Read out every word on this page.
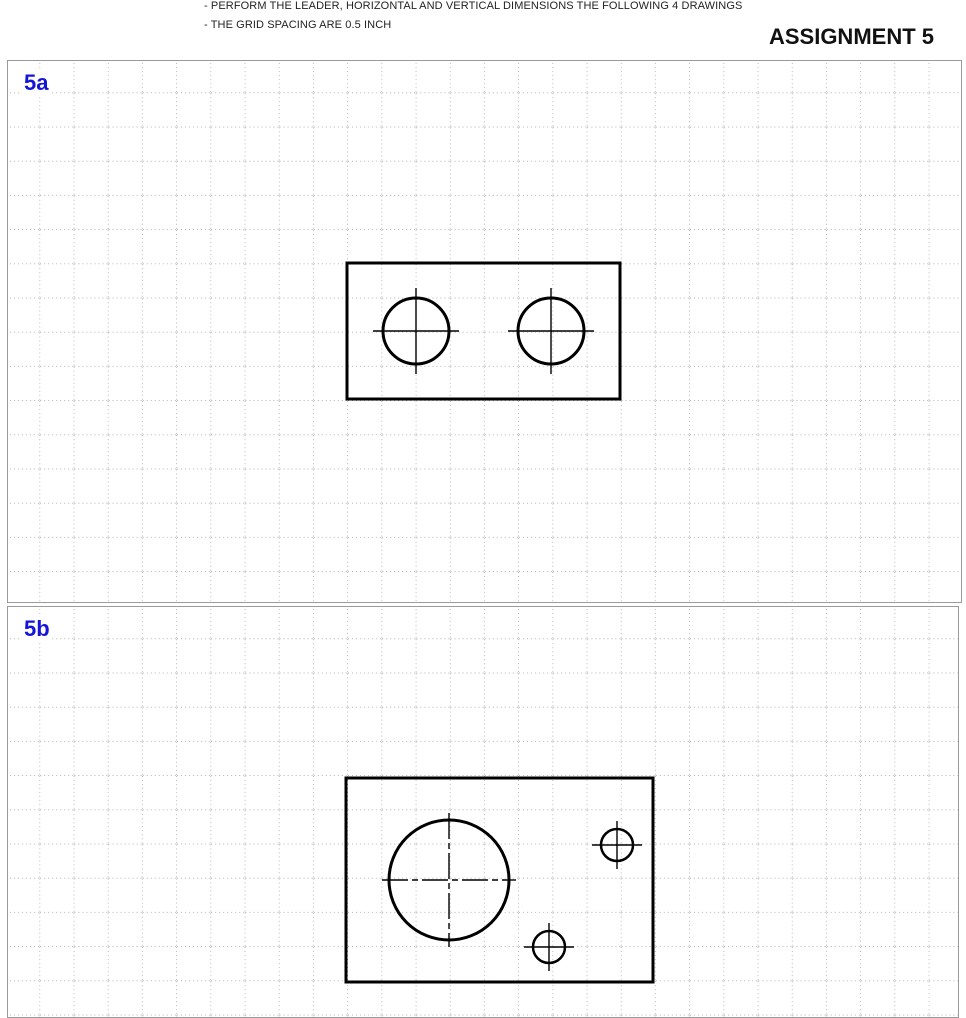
- PERFORM THE LEADER, HORIZONTAL AND VERTICAL DIMENSIONS THE FOLLOWING 4 DRAWINGS
- THE GRID SPACING ARE 0.5 INCH	ASSIGNMENT 5
5a
5b
